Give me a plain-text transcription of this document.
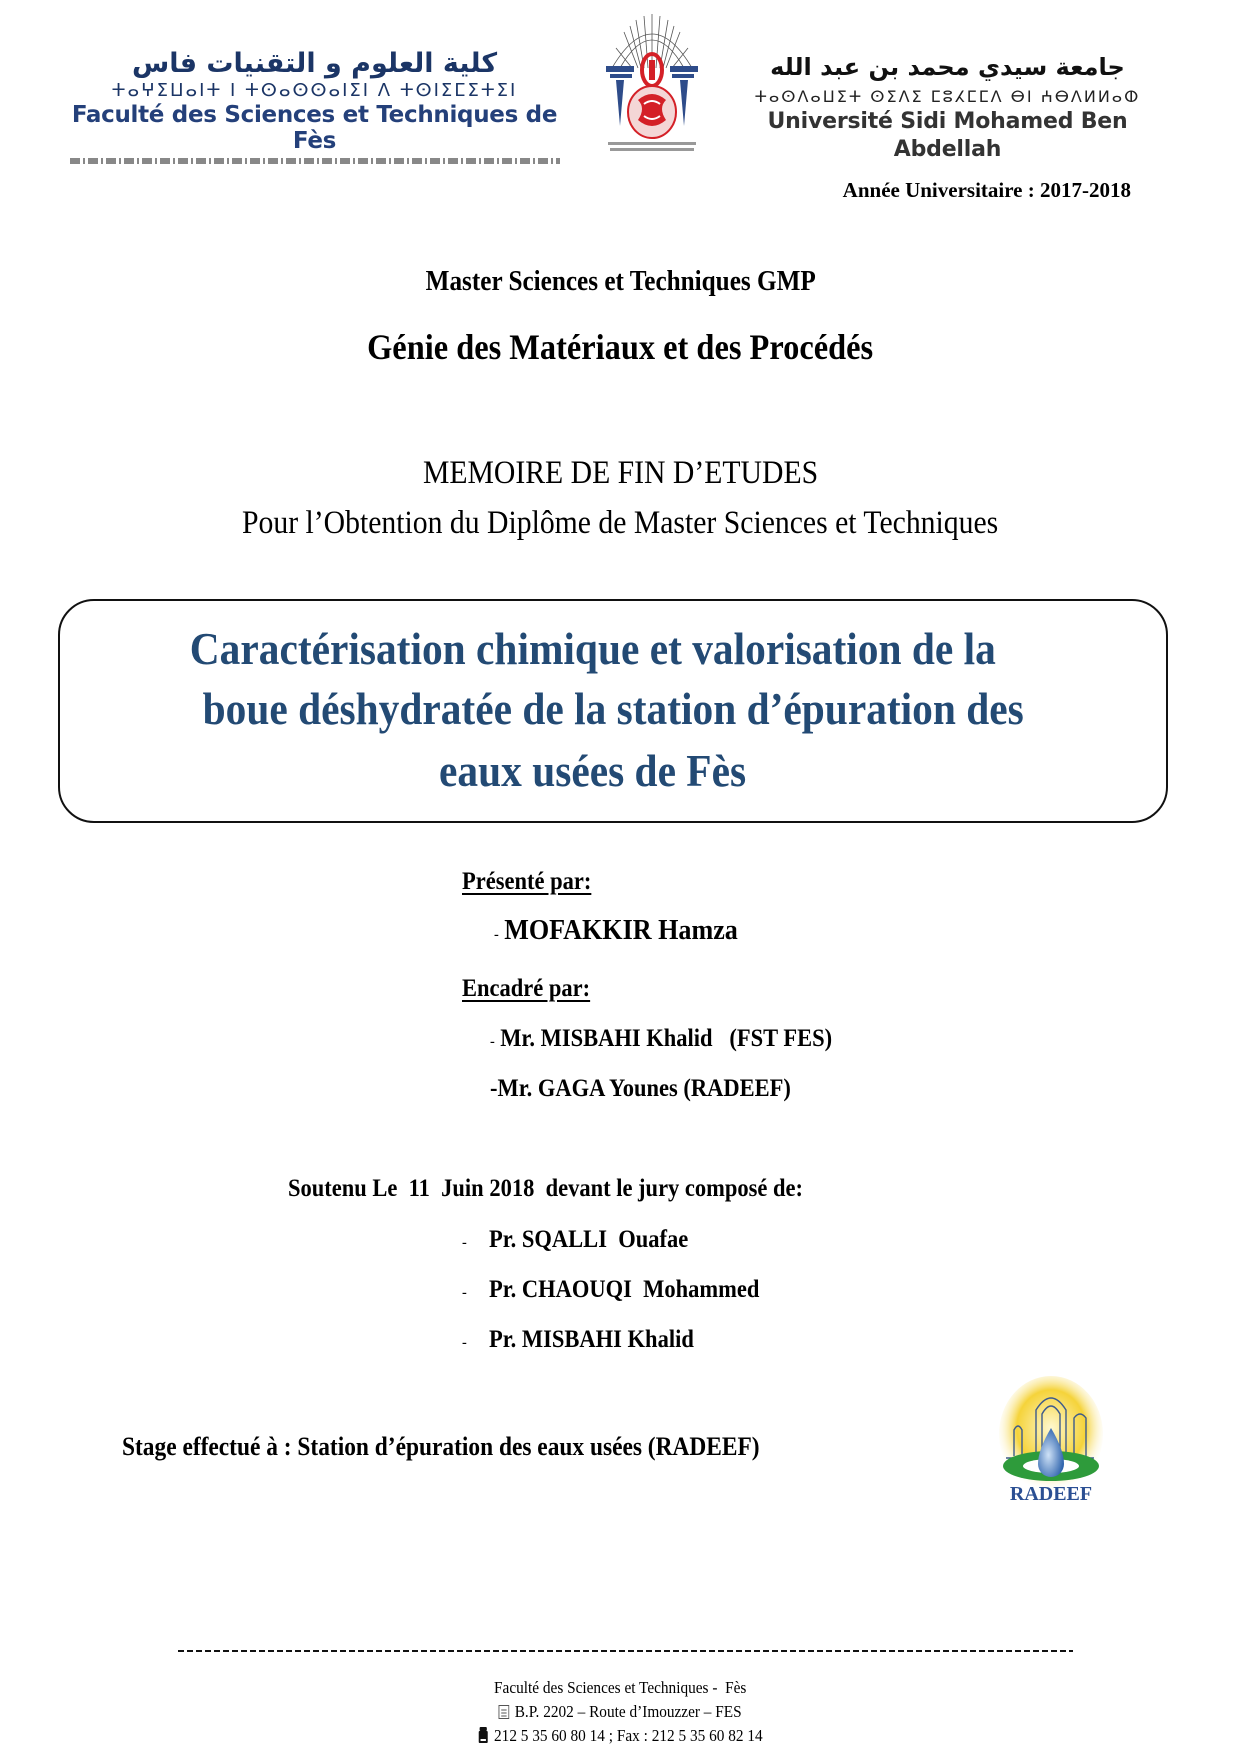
كلية العلوم و التقنيات فاس
ⵜⴰⵖⵉⵡⴰⵏⵜ ⵏ ⵜⵙⴰⵙⵙⴰⵏⵉⵏ ⴷ ⵜⵙⵏⵉⵎⵉⵜⵉⵏ
Faculté des Sciences et Techniques de Fès
جامعة سيدي محمد بن عبد الله
ⵜⴰⵙⴷⴰⵡⵉⵜ ⵙⵉⴷⵉ ⵎⵓⵃⵎⵎⴷ ⴱⵏ ⵄⴱⴷⵍⵍⴰⵀ
Université Sidi Mohamed Ben Abdellah
Année Universitaire : 2017-2018
Master Sciences et Techniques GMP
Génie des Matériaux et des Procédés
MEMOIRE DE FIN D’ETUDES
Pour l’Obtention du Diplôme de Master Sciences et Techniques
Caractérisation chimique et valorisation de la
boue déshydratée de la station d’épuration des
eaux usées de Fès
Présenté par:
- MOFAKKIR Hamza
Encadré par:
- Mr. MISBAHI Khalid   (FST FES)
-Mr. GAGA Younes (RADEEF)
Soutenu Le  11  Juin 2018  devant le jury composé de:
- Pr. SQALLI  Ouafae
- Pr. CHAOUQI  Mohammed
- Pr. MISBAHI Khalid
Stage effectué à : Station d’épuration des eaux usées (RADEEF)
RADEEF
Faculté des Sciences et Techniques -  Fès
B.P. 2202 – Route d’Imouzzer – FES
212 5 35 60 80 14 ; Fax : 212 5 35 60 82 14
